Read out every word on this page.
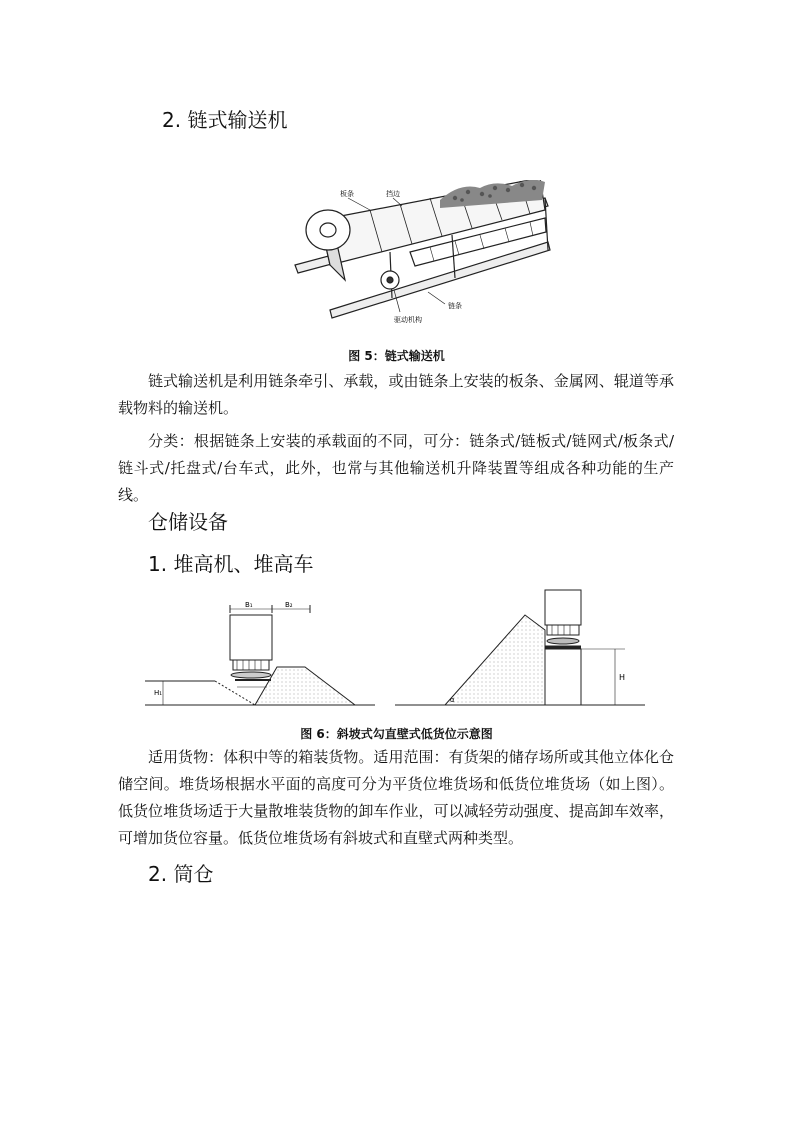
2. 链式输送机
板条	挡边
链条
驱动机构
图 5：链式输送机

链式输送机是利用链条牵引、承载，或由链条上安装的板条、金属网、辊道等承载物料的输送机。

分类：根据链条上安装的承载面的不同，可分：链条式/链板式/链网式/板条式/链斗式/托盘式/台车式，此外，也常与其他输送机升降装置等组成各种功能的生产线。

仓储设备
1. 堆高机、堆高车
B₁	B₂
H₁
H
α
图 6：斜坡式勾直壁式低货位示意图

适用货物：体积中等的箱装货物。适用范围：有货架的储存场所或其他立体化仓储空间。堆货场根据水平面的高度可分为平货位堆货场和低货位堆货场（如上图）。低货位堆货场适于大量散堆装货物的卸车作业，可以减轻劳动强度、提高卸车效率，可增加货位容量。低货位堆货场有斜坡式和直壁式两种类型。

2. 筒仓
